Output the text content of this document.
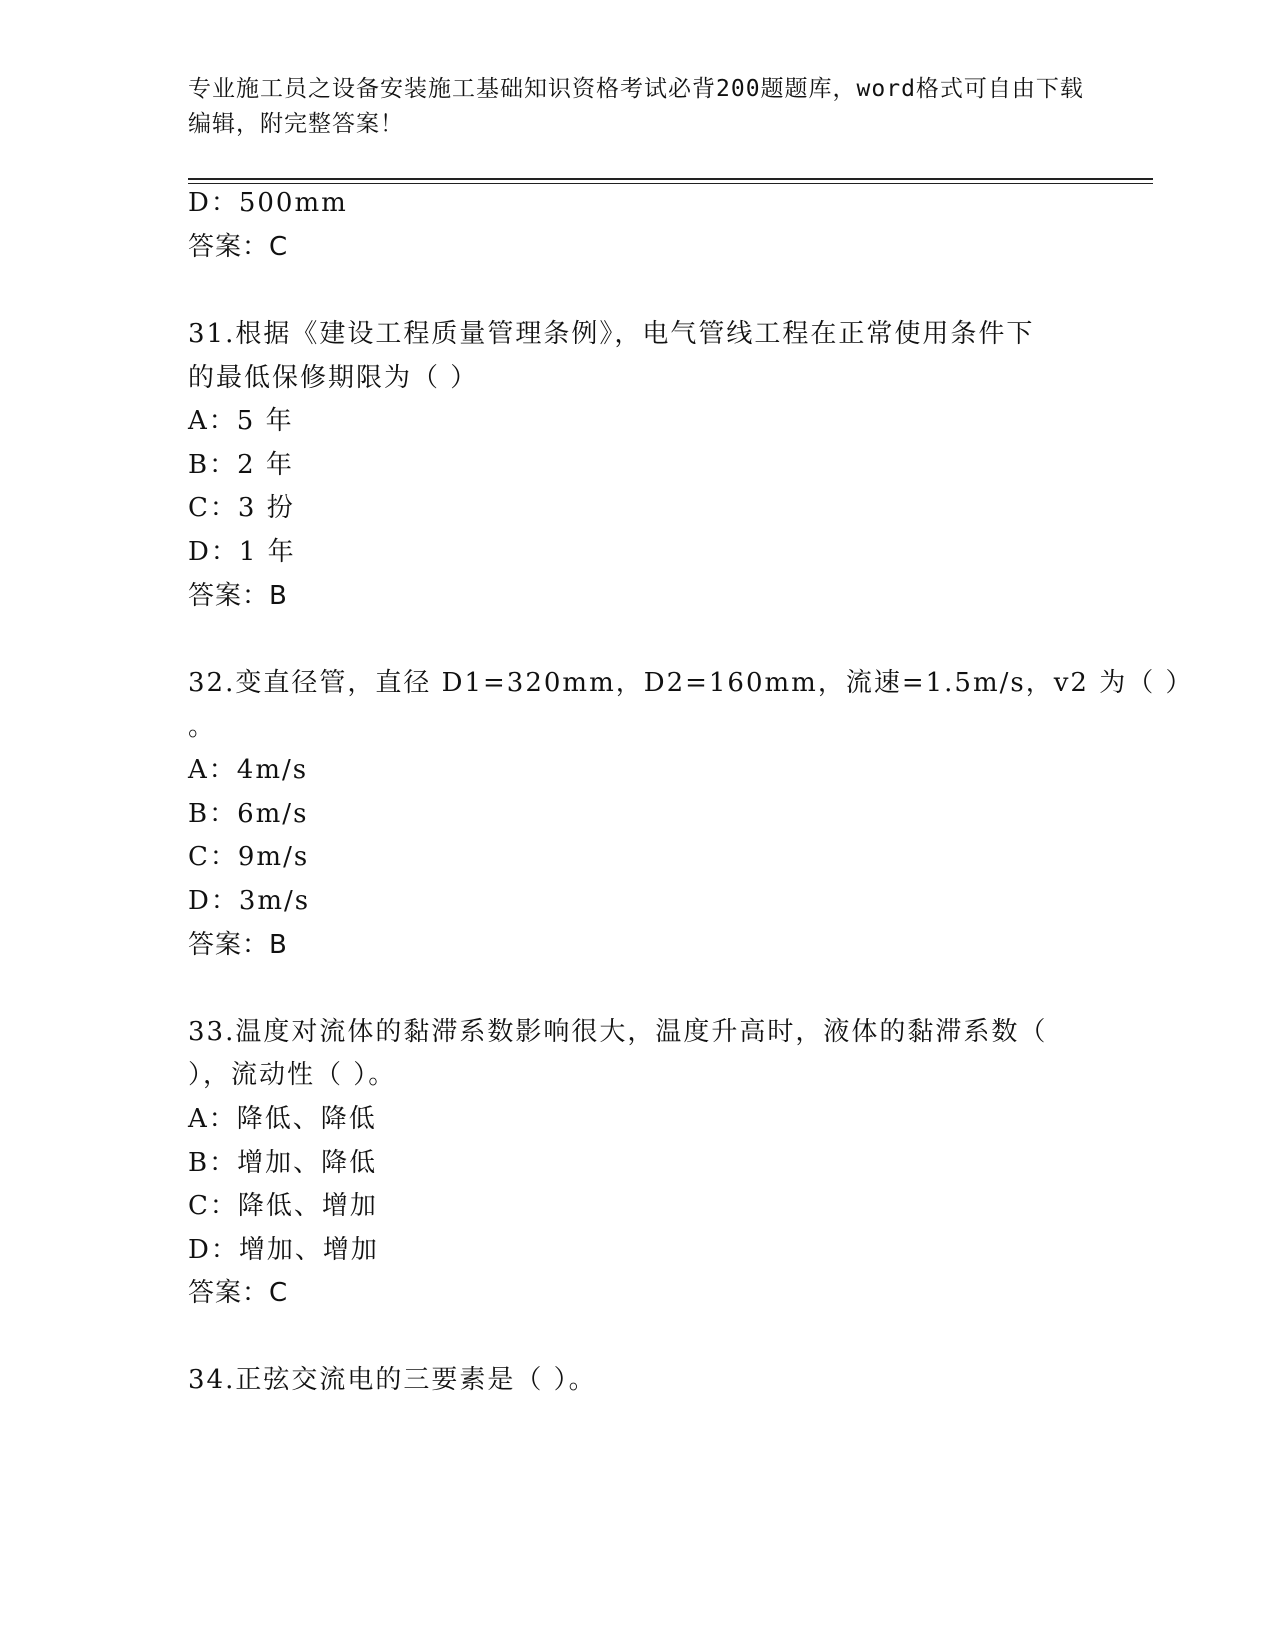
专业施工员之设备安装施工基础知识资格考试必背200题题库，word格式可自由下载编辑，附完整答案！
D：500mm
答案：C
31.根据《建设工程质量管理条例》，电气管线工程在正常使用条件下
的最低保修期限为（ ）
A：5 年
B：2 年
C：3 扮
D：1 年
答案：B
32.变直径管，直径 D1=320mm，D2=160mm，流速=1.5m/s，v2 为（ ）
。
A：4m/s
B：6m/s
C：9m/s
D：3m/s
答案：B
33.温度对流体的黏滞系数影响很大，温度升高时，液体的黏滞系数（
），流动性（ ）。
A：降低、降低
B：增加、降低
C：降低、增加
D：增加、增加
答案：C
34.正弦交流电的三要素是（ ）。
